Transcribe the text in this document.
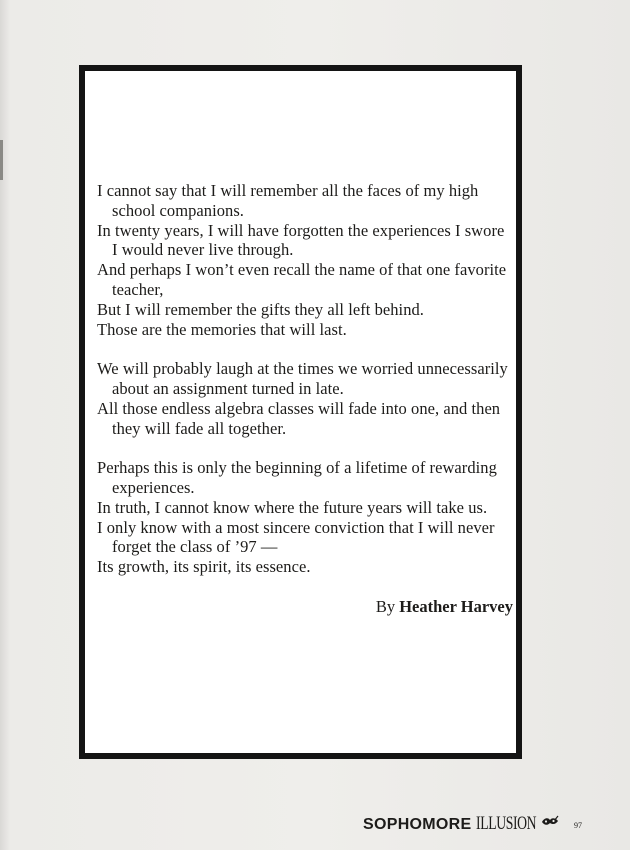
I cannot say that I will remember all the faces of my high school companions.
In twenty years, I will have forgotten the experiences I swore I would never live through.
And perhaps I won’t even recall the name of that one favorite teacher,
But I will remember the gifts they all left behind.
Those are the memories that will last.
We will probably laugh at the times we worried unnecessarily about an assignment turned in late.
All those endless algebra classes will fade into one, and then they will fade all together.
Perhaps this is only the beginning of a lifetime of rewarding experiences.
In truth, I cannot know where the future years will take us.
I only know with a most sincere conviction that I will never forget the class of ’97 —
Its growth, its spirit, its essence.
By Heather Harvey
SOPHOMORE ILLUSION	97
